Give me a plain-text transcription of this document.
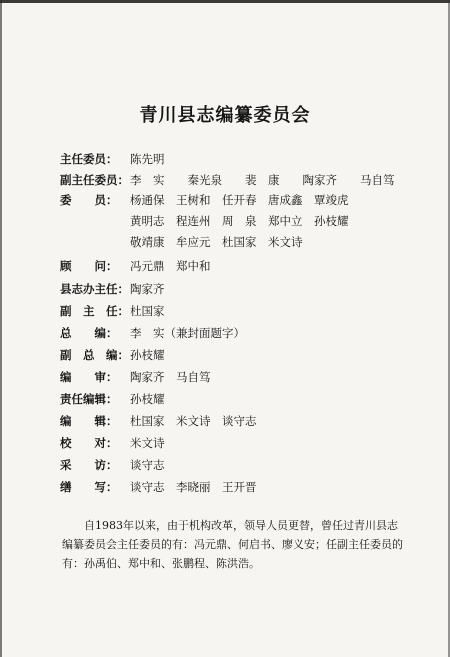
青川县志编纂委员会
主任委员： 陈先明
副主任委员：李　实　　秦光泉　　裴　康　　陶家齐　　马自笃
委　　员： 杨通保　王树和　任开春　唐成鑫　覃竣虎
黄明志　程连州　周　泉　郑中立　孙枝耀
敬靖康　牟应元　杜国家　米文诗
顾　　问： 冯元鼎　郑中和
县志办主任：陶家齐
副　主　任：杜国家
总　　编： 李　实（兼封面题字）
副　总　编：孙枝耀
编　　审： 陶家齐　马自笃
责任编辑： 孙枝耀
编　　辑： 杜国家　米文诗　谈守志
校　　对： 米文诗
采　　访： 谈守志
缮　　写： 谈守志　李晓丽　王开晋
自1983年以来，由于机构改革，领导人员更替，曾任过青川县志编纂委员会主任委员的有：冯元鼎、何启书、廖义安；任副主任委员的有：孙禹伯、郑中和、张鹏程、陈洪浩。
